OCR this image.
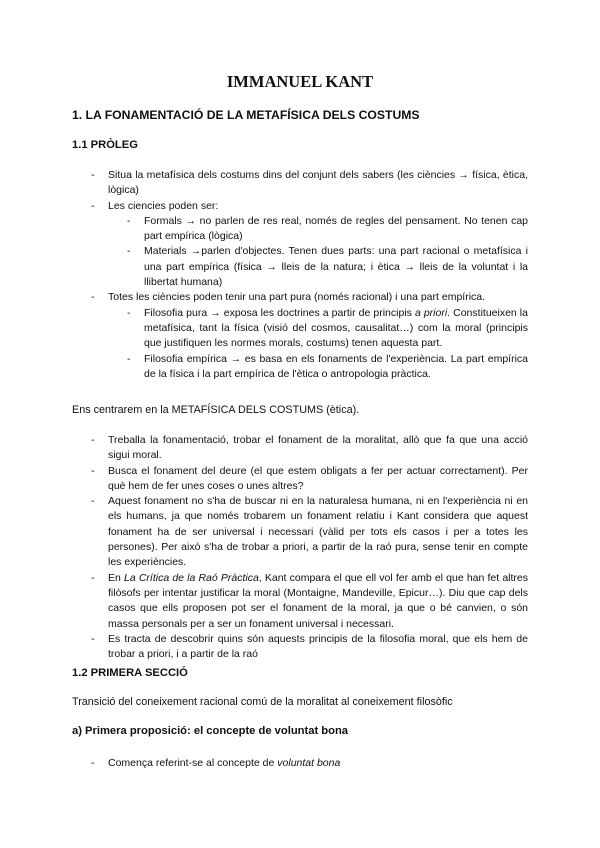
IMMANUEL KANT
1. LA FONAMENTACIÓ DE LA METAFÍSICA DELS COSTUMS
1.1 PRÒLEG
- Situa la metafísica dels costums dins del conjunt dels sabers (les ciències → física, ètica, lògica)
- Les ciencies poden ser:
- Formals → no parlen de res real, només de regles del pensament. No tenen cap part empírica (lògica)
- Materials →parlen d'objectes. Tenen dues parts: una part racional o metafísica i una part empírica (física → lleis de la natura; i ètica → lleis de la voluntat i la llibertat humana)
- Totes les ciències poden tenir una part pura (només racional) i una part empírica.
- Filosofia pura → exposa les doctrines a partir de principis a priori. Constitueixen la metafísica, tant la física (visió del cosmos, causalitat…) com la moral (principis que justifiquen les normes morals, costums) tenen aquesta part.
- Filosofia empírica → es basa en els fonaments de l'experiència. La part empírica de la física i la part empírica de l'ètica o antropologia pràctica.
Ens centrarem en la METAFÍSICA DELS COSTUMS (ètica).
- Treballa la fonamentació, trobar el fonament de la moralitat, allò que fa que una acció sigui moral.
- Busca el fonament del deure (el que estem obligats a fer per actuar correctament). Per què hem de fer unes coses o unes altres?
- Aquest fonament no s'ha de buscar ni en la naturalesa humana, ni en l'experiència ni en els humans, ja que només trobarem un fonament relatiu i Kant considera que aquest fonament ha de ser universal i necessari (vàlid per tots els casos i per a totes les persones). Per això s'ha de trobar a priori, a partir de la raó pura, sense tenir en compte les experiències.
- En La Crítica de la Raó Pràctica, Kant compara el que ell vol fer amb el que han fet altres filòsofs per intentar justificar la moral (Montaigne, Mandeville, Epicur…). Diu que cap dels casos que ells proposen pot ser el fonament de la moral, ja que o bé canvien, o són massa personals per a ser un fonament universal i necessari.
- Es tracta de descobrir quins són aquests principis de la filosofia moral, que els hem de trobar a priori, i a partir de la raó
1.2 PRIMERA SECCIÓ
Transició del coneixement racional comú de la moralitat al coneixement filosòfic
a) Primera proposició: el concepte de voluntat bona
- Comença referint-se al concepte de voluntat bona
